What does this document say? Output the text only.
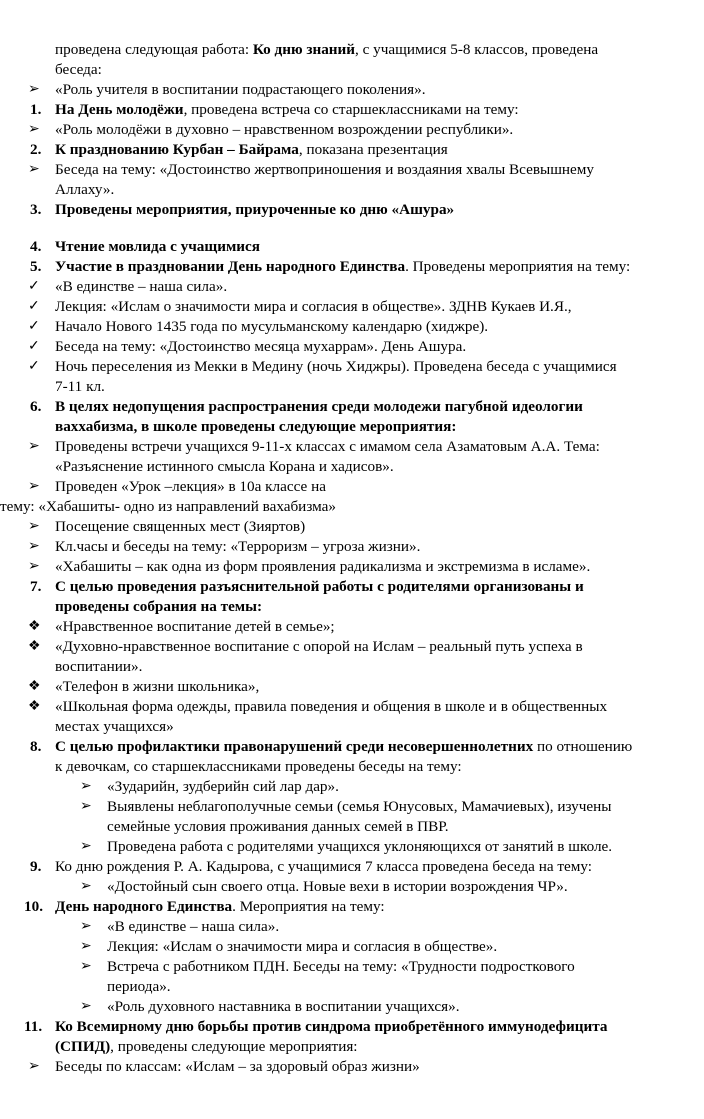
проведена следующая работа: Ко дню знаний, с учащимися 5-8 классов, проведена
беседа:
➢ «Роль учителя в воспитании подрастающего поколения».
1. На День молодёжи, проведена встреча со старшеклассниками на тему:
➢ «Роль молодёжи в духовно – нравственном возрождении республики».
2. К празднованию Курбан – Байрама, показана презентация
➢ Беседа на тему: «Достоинство жертвоприношения и воздаяния хвалы Всевышнему
Аллаху».
3. Проведены мероприятия, приуроченные ко дню «Ашура»
4. Чтение мовлида с учащимися
5. Участие в праздновании День народного Единства. Проведены мероприятия на тему:
✓ «В единстве – наша сила».
✓ Лекция: «Ислам о значимости мира и согласия в обществе». ЗДНВ Кукаев И.Я.,
✓ Начало Нового 1435 года по мусульманскому календарю (хиджре).
✓ Беседа на тему: «Достоинство месяца мухаррам». День Ашура.
✓ Ночь переселения из Мекки в Медину (ночь Хиджры). Проведена беседа с учащимися
7-11 кл.
6. В целях недопущения распространения среди молодежи пагубной идеологии
ваххабизма, в школе проведены следующие мероприятия:
➢ Проведены встречи учащихся 9-11-х классах с имамом села Азаматовым А.А. Тема:
«Разъяснение истинного смысла Корана и хадисов».
➢ Проведен «Урок –лекция» в 10а классе на
тему: «Хабашиты- одно из направлений вахабизма»
➢ Посещение священных мест (Зияртов)
➢ Кл.часы и беседы на тему: «Терроризм – угроза жизни».
➢ «Хабашиты – как одна из форм проявления радикализма и экстремизма в исламе».
7. С целью проведения разъяснительной работы с родителями организованы и
проведены собрания на темы:
❖ «Нравственное воспитание детей в семье»;
❖ «Духовно-нравственное воспитание с опорой на Ислам – реальный путь успеха в
воспитании».
❖ «Телефон в жизни школьника»,
❖ «Школьная форма одежды, правила поведения и общения в школе и в общественных
местах учащихся»
8. С целью профилактики правонарушений среди несовершеннолетних по отношению
к девочкам, со старшеклассниками проведены беседы на тему:
➢ «Зударийн, зудберийн сий лар дар».
➢ Выявлены неблагополучные семьи (семья Юнусовых, Мамачиевых), изучены
семейные условия проживания данных семей в ПВР.
➢ Проведена работа с родителями учащихся уклоняющихся от занятий в школе.
9. Ко дню рождения Р. А. Кадырова, с учащимися 7 класса проведена беседа на тему:
➢ «Достойный сын своего отца. Новые вехи в истории возрождения ЧР».
10. День народного Единства. Мероприятия на тему:
➢ «В единстве – наша сила».
➢ Лекция: «Ислам о значимости мира и согласия в обществе».
➢ Встреча с работником ПДН. Беседы на тему: «Трудности подросткового
периода».
➢ «Роль духовного наставника в воспитании учащихся».
11. Ко Всемирному дню борьбы против синдрома приобретённого иммунодефицита
(СПИД), проведены следующие мероприятия:
➢ Беседы по классам: «Ислам – за здоровый образ жизни»
